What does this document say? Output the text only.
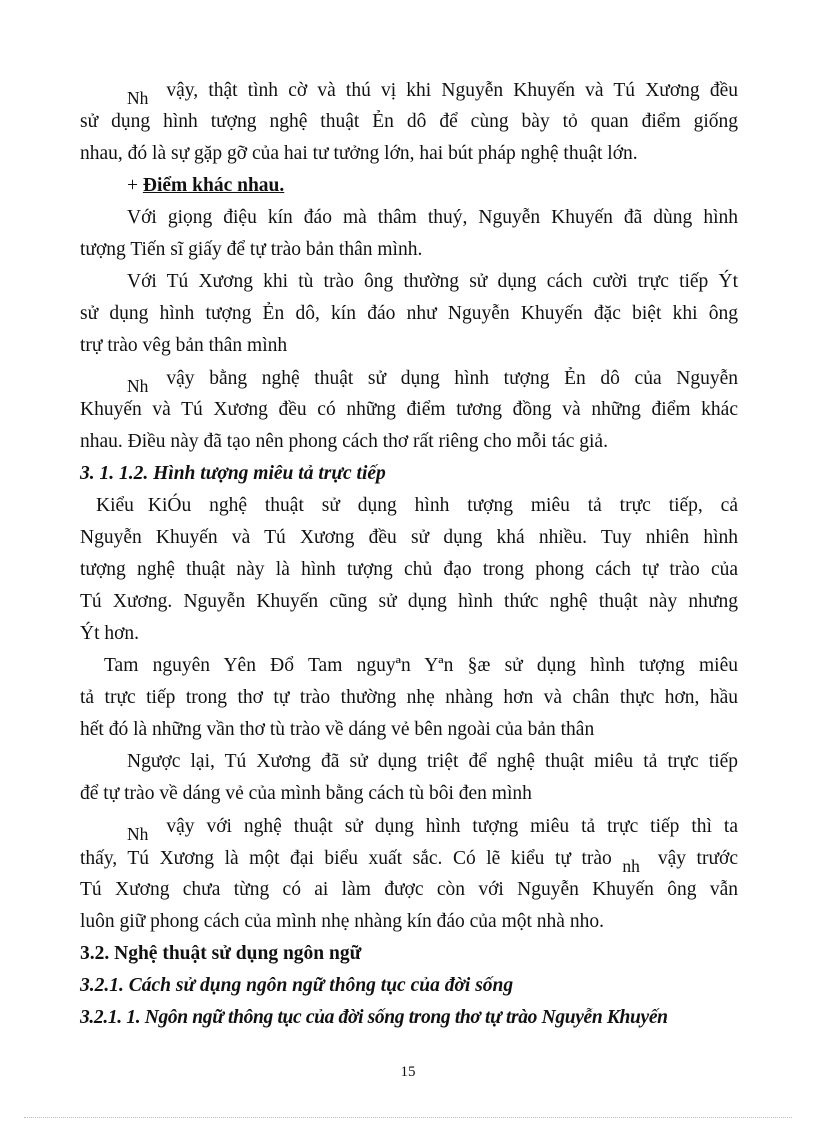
Nh vậy, thật tình cờ và thú vị khi Nguyễn Khuyến và Tú Xương đều
sử dụng hình tượng nghệ thuật Ẻn dô để cùng bày tỏ quan điểm giống
nhau, đó là sự gặp gỡ của hai tư tưởng lớn, hai bút pháp nghệ thuật lớn.
+ Điểm khác nhau.
Với giọng điệu kín đáo mà thâm thuý, Nguyễn Khuyến đã dùng hình
tượng Tiến sĩ giấy để tự trào bản thân mình.
Với Tú Xương khi tù trào ông thường sử dụng cách cười trực tiếp Ýt
sử dụng hình tượng Ẻn dô, kín đáo như Nguyễn Khuyến đặc biệt khi ông
trự trào vêg bản thân mình
Nh vậy bằng nghệ thuật sử dụng hình tượng Ẻn dô của Nguyễn
Khuyến và Tú Xương đều có những điểm tương đồng và những điểm khác
nhau. Điều này đã tạo nên phong cách thơ rất riêng cho mỗi tác giả.
3. 1. 1.2. Hình tượng miêu tả trực tiếp
Kiểu KiÓu nghệ thuật sử dụng hình tượng miêu tả trực tiếp, cả
Nguyễn Khuyến và Tú Xương đều sử dụng khá nhiều. Tuy nhiên hình
tượng nghệ thuật này là hình tượng chủ đạo trong phong cách tự trào của
Tú Xương. Nguyễn Khuyến cũng sử dụng hình thức nghệ thuật này nhưng
Ýt hơn.
Tam nguyên Yên Đổ Tam nguyªn Yªn §æ sử dụng hình tượng miêu
tả trực tiếp trong thơ tự trào thường nhẹ nhàng hơn và chân thực hơn, hầu
hết đó là những vần thơ tù trào về dáng vẻ bên ngoài của bản thân
Ngược lại, Tú Xương đã sử dụng triệt để nghệ thuật miêu tả trực tiếp
để tự trào về dáng vẻ của mình bằng cách tù bôi đen mình
Nh vậy với nghệ thuật sử dụng hình tượng miêu tả trực tiếp thì ta
thấy, Tú Xương là một đại biểu xuất sắc. Có lẽ kiểu tự trào nh vậy trước
Tú Xương chưa từng có ai làm được còn với Nguyễn Khuyến ông vẫn
luôn giữ phong cách của mình nhẹ nhàng kín đáo của một nhà nho.
3.2. Nghệ thuật sử dụng ngôn ngữ
3.2.1. Cách sử dụng ngôn ngữ thông tục của đời sống
3.2.1. 1. Ngôn ngữ thông tục của đời sống trong thơ tự trào Nguyễn Khuyến
15
